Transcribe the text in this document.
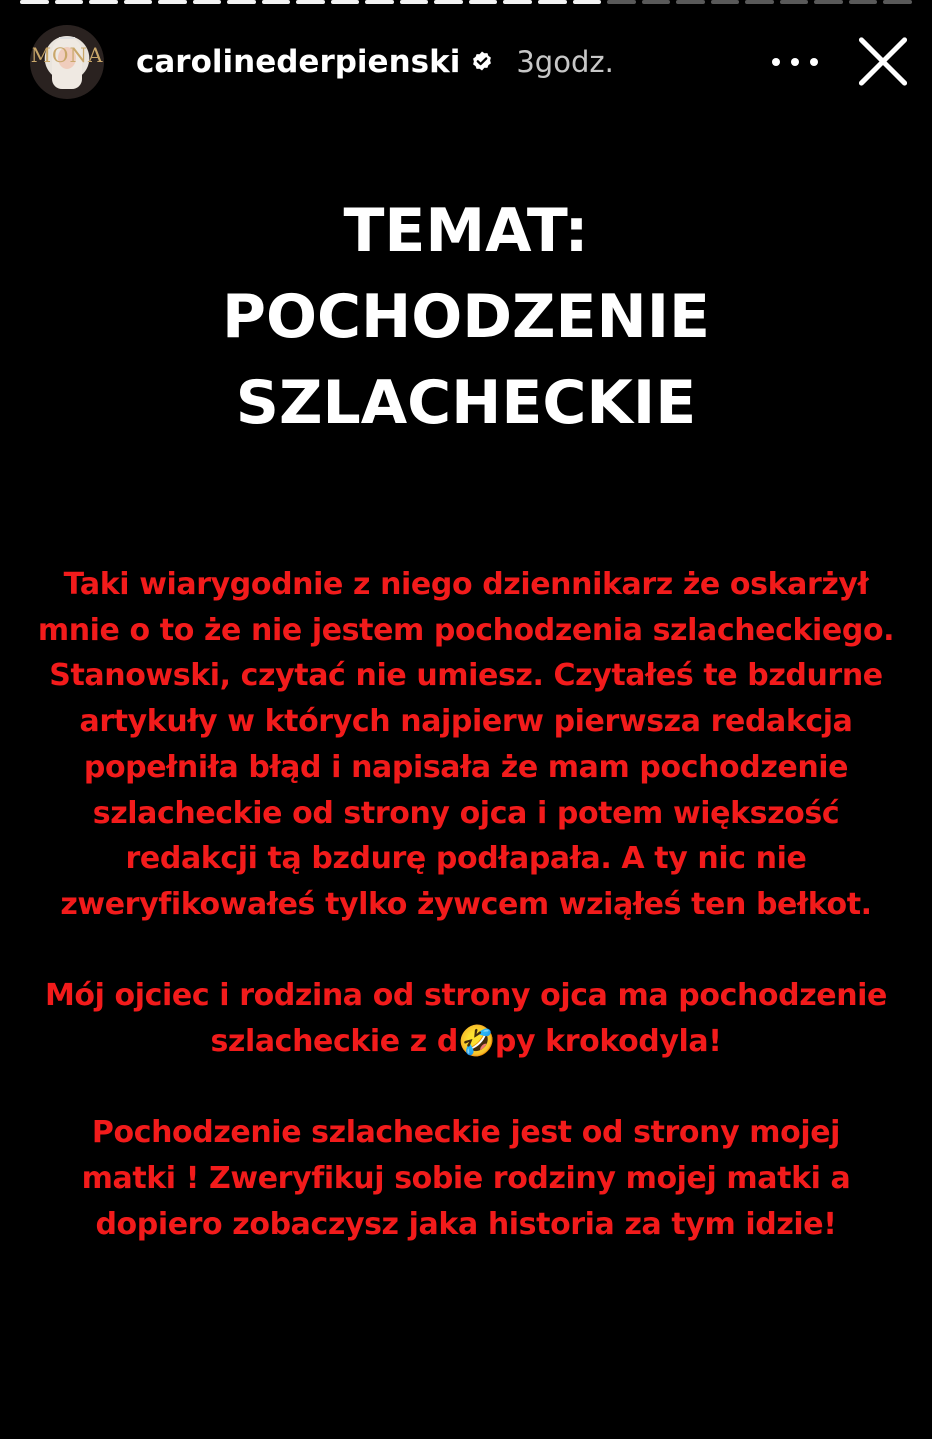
MONA carolinederpienski 3godz.
TEMAT:
POCHODZENIE
SZLACHECKIE
Taki wiarygodnie z niego dziennikarz że oskarżył
mnie o to że nie jestem pochodzenia szlacheckiego.
Stanowski, czytać nie umiesz. Czytałeś te bzdurne
artykuły w których najpierw pierwsza redakcja
popełniła błąd i napisała że mam pochodzenie
szlacheckie od strony ojca i potem większość
redakcji tą bzdurę podłapała. A ty nic nie
zweryfikowałeś tylko żywcem wziąłeś ten bełkot.
Mój ojciec i rodzina od strony ojca ma pochodzenie
szlacheckie z d🤣py krokodyla!
Pochodzenie szlacheckie jest od strony mojej
matki ! Zweryfikuj sobie rodziny mojej matki a
dopiero zobaczysz jaka historia za tym idzie!
